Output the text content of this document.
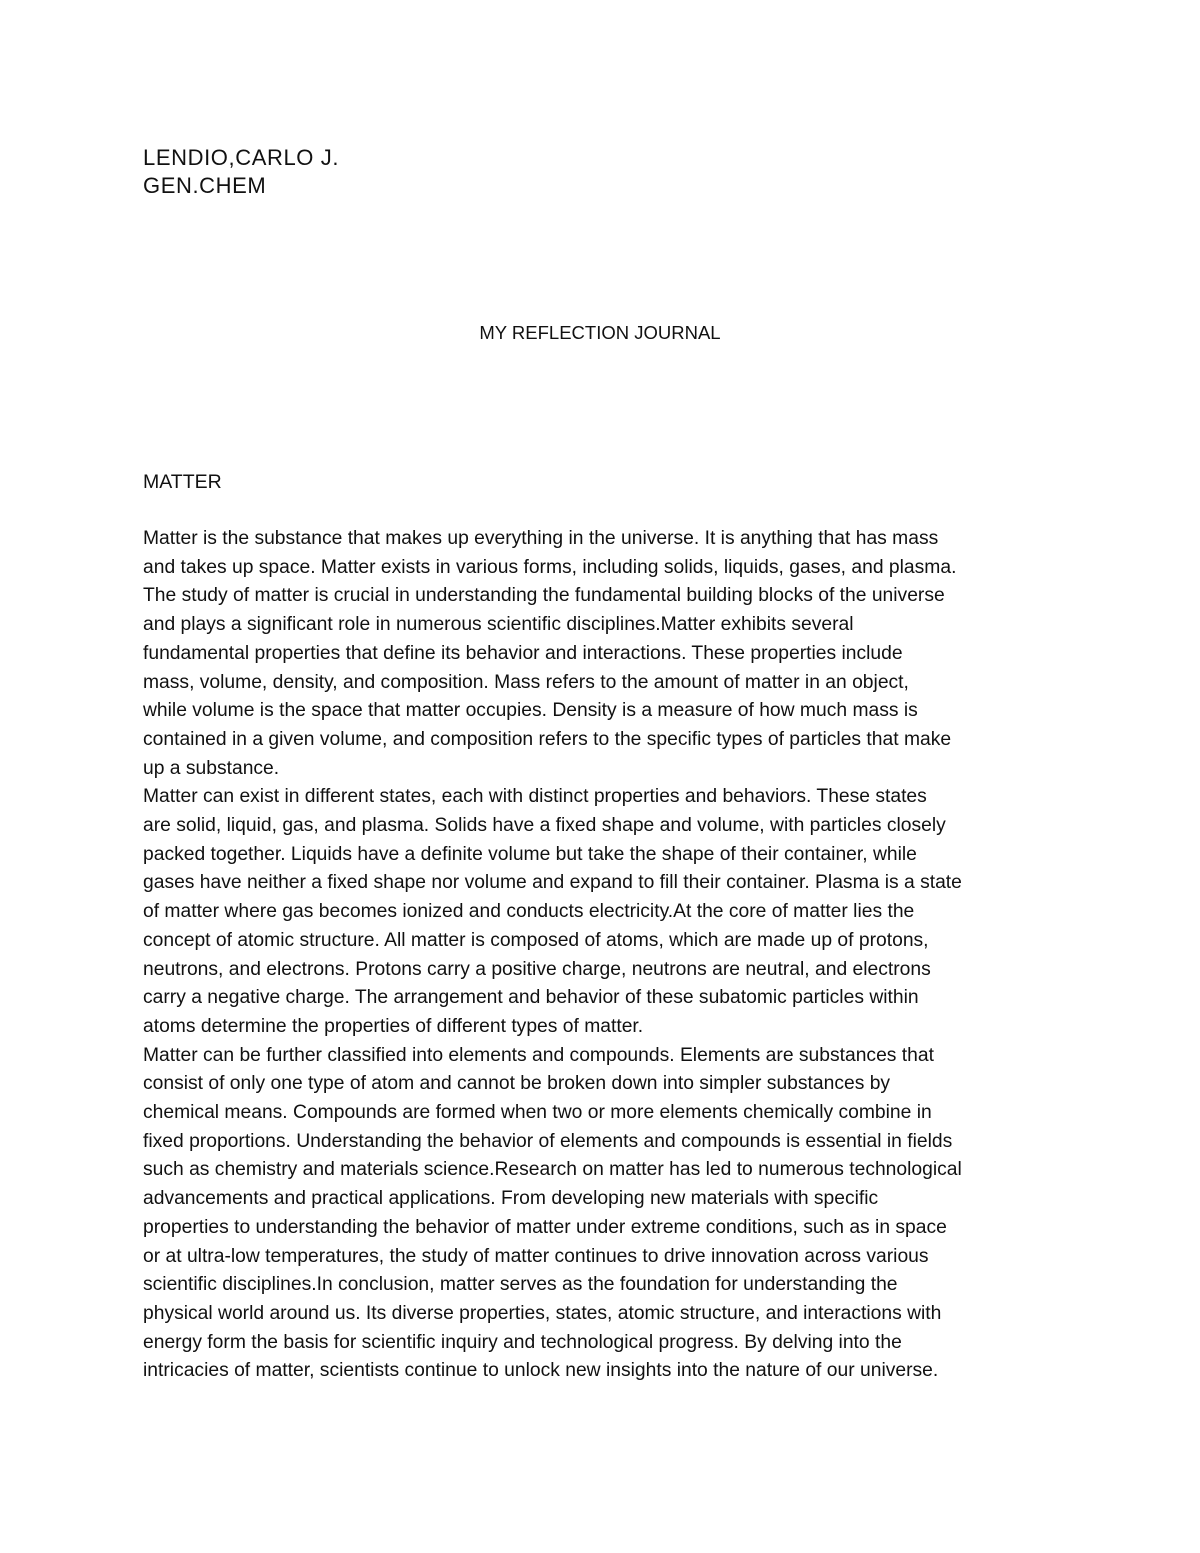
LENDIO,CARLO J.
GEN.CHEM
MY REFLECTION JOURNAL
MATTER
Matter is the substance that makes up everything in the universe. It is anything that has mass
and takes up space. Matter exists in various forms, including solids, liquids, gases, and plasma.
The study of matter is crucial in understanding the fundamental building blocks of the universe
and plays a significant role in numerous scientific disciplines.Matter exhibits several
fundamental properties that define its behavior and interactions. These properties include
mass, volume, density, and composition. Mass refers to the amount of matter in an object,
while volume is the space that matter occupies. Density is a measure of how much mass is
contained in a given volume, and composition refers to the specific types of particles that make
up a substance.
Matter can exist in different states, each with distinct properties and behaviors. These states
are solid, liquid, gas, and plasma. Solids have a fixed shape and volume, with particles closely
packed together. Liquids have a definite volume but take the shape of their container, while
gases have neither a fixed shape nor volume and expand to fill their container. Plasma is a state
of matter where gas becomes ionized and conducts electricity.At the core of matter lies the
concept of atomic structure. All matter is composed of atoms, which are made up of protons,
neutrons, and electrons. Protons carry a positive charge, neutrons are neutral, and electrons
carry a negative charge. The arrangement and behavior of these subatomic particles within
atoms determine the properties of different types of matter.
Matter can be further classified into elements and compounds. Elements are substances that
consist of only one type of atom and cannot be broken down into simpler substances by
chemical means. Compounds are formed when two or more elements chemically combine in
fixed proportions. Understanding the behavior of elements and compounds is essential in fields
such as chemistry and materials science.Research on matter has led to numerous technological
advancements and practical applications. From developing new materials with specific
properties to understanding the behavior of matter under extreme conditions, such as in space
or at ultra-low temperatures, the study of matter continues to drive innovation across various
scientific disciplines.In conclusion, matter serves as the foundation for understanding the
physical world around us. Its diverse properties, states, atomic structure, and interactions with
energy form the basis for scientific inquiry and technological progress. By delving into the
intricacies of matter, scientists continue to unlock new insights into the nature of our universe.
